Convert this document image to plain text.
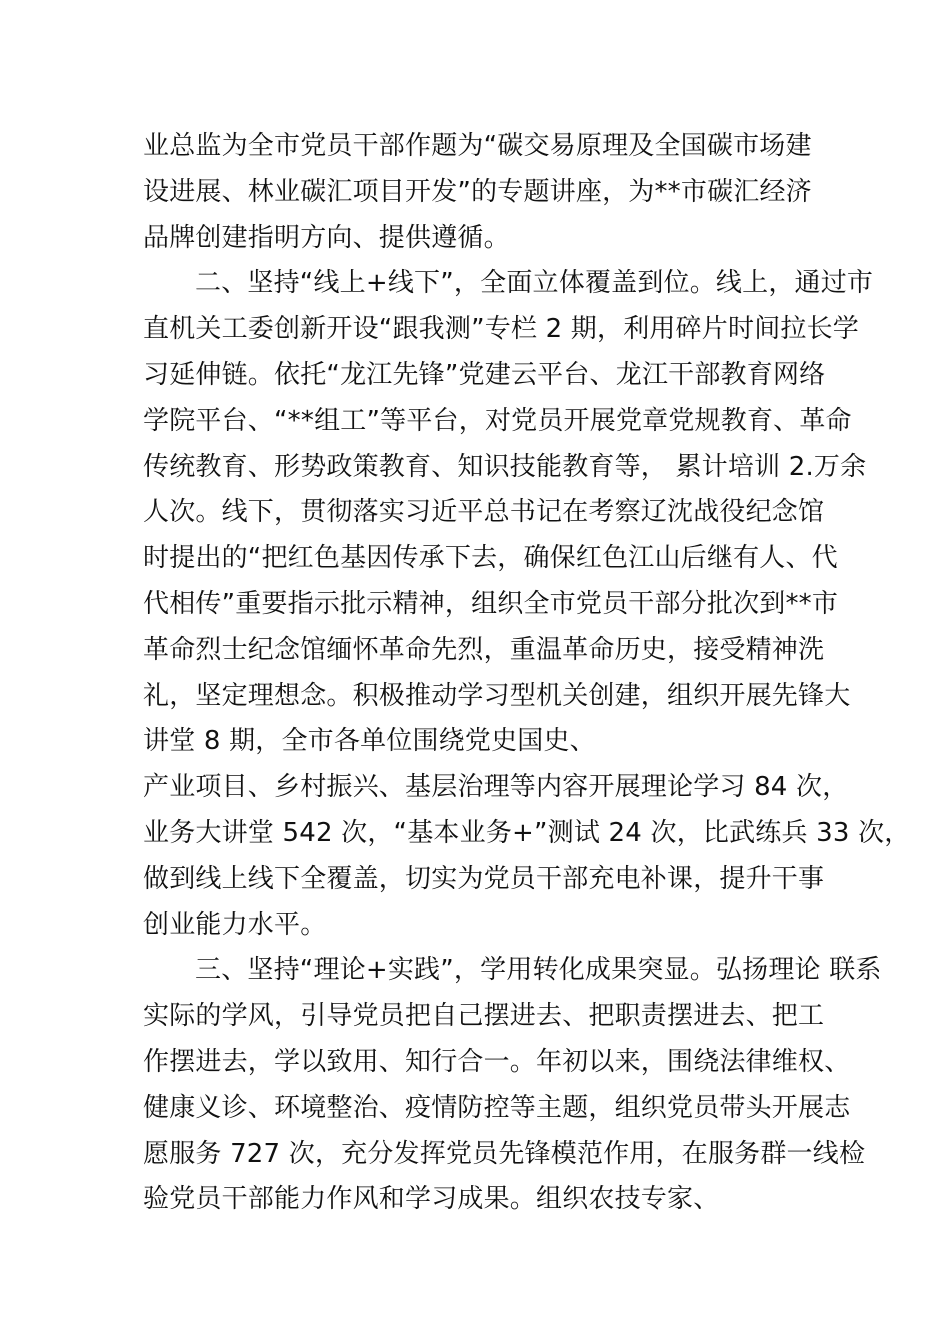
业总监为全市党员干部作题为“碳交易原理及全国碳市场建
设进展、林业碳汇项目开发”的专题讲座，为**市碳汇经济
品牌创建指明方向、提供遵循。
二、坚持“线上+线下”，全面立体覆盖到位。线上，通过市
直机关工委创新开设“跟我测”专栏 2 期，利用碎片时间拉长学
习延伸链。依托“龙江先锋”党建云平台、龙江干部教育网络
学院平台、“**组工”等平台，对党员开展党章党规教育、革命
传统教育、形势政策教育、知识技能教育等， 累计培训 2.万余
人次。线下，贯彻落实习近平总书记在考察辽沈战役纪念馆
时提出的“把红色基因传承下去，确保红色江山后继有人、代
代相传”重要指示批示精神，组织全市党员干部分批次到**市
革命烈士纪念馆缅怀革命先烈，重温革命历史，接受精神洗
礼，坚定理想念。积极推动学习型机关创建，组织开展先锋大
讲堂 8 期，全市各单位围绕党史国史、
产业项目、乡村振兴、基层治理等内容开展理论学习 84 次，
业务大讲堂 542 次，“基本业务+”测试 24 次，比武练兵 33 次，
做到线上线下全覆盖，切实为党员干部充电补课，提升干事
创业能力水平。
三、坚持“理论+实践”，学用转化成果突显。弘扬理论 联系
实际的学风，引导党员把自己摆进去、把职责摆进去、把工
作摆进去，学以致用、知行合一。年初以来，围绕法律维权、
健康义诊、环境整治、疫情防控等主题，组织党员带头开展志
愿服务 727 次，充分发挥党员先锋模范作用，在服务群一线检
验党员干部能力作风和学习成果。组织农技专家、
